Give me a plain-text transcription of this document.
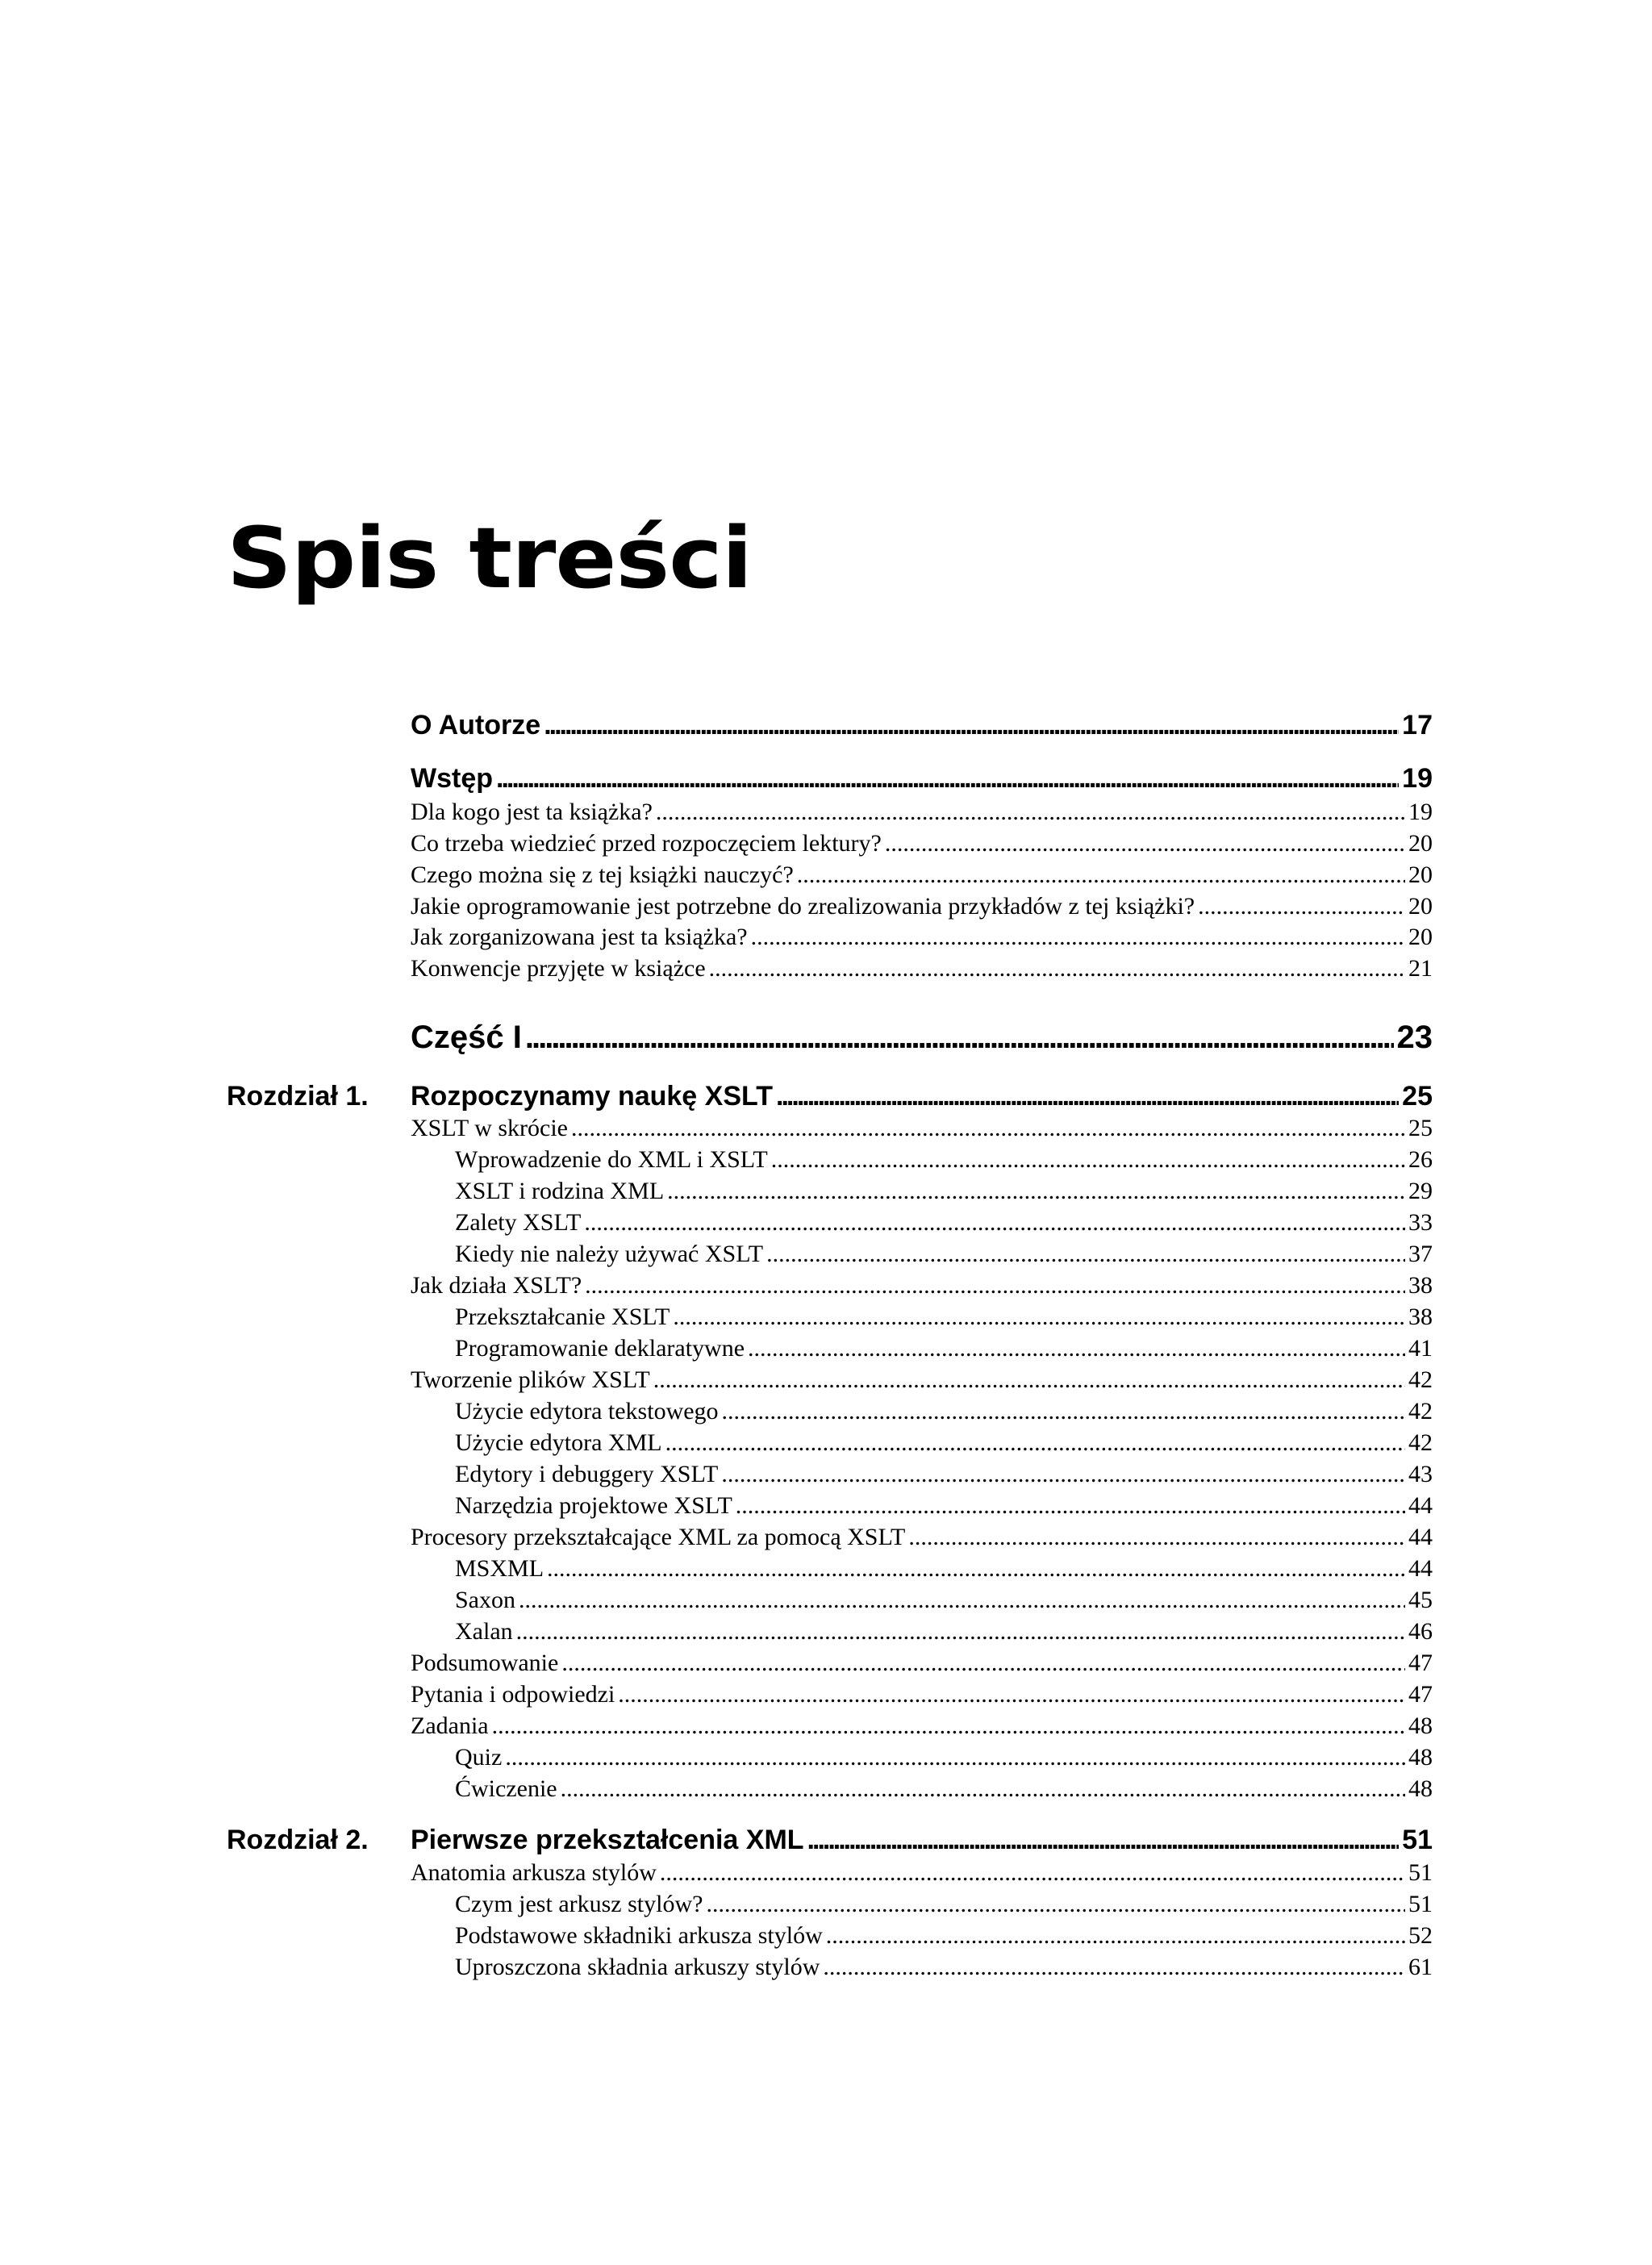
Spis treści
O Autorze .....	17
Wstęp .....	19
Dla kogo jest ta książka? .....	19
Co trzeba wiedzieć przed rozpoczęciem lektury? .....	20
Czego można się z tej książki nauczyć? .....	20
Jakie oprogramowanie jest potrzebne do zrealizowania przykładów z tej książki? .....	20
Jak zorganizowana jest ta książka? .....	20
Konwencje przyjęte w książce .....	21
Część I .....	23
Rozdział 1. Rozpoczynamy naukę XSLT .....	25
XSLT w skrócie .....	25
Wprowadzenie do XML i XSLT .....	26
XSLT i rodzina XML .....	29
Zalety XSLT .....	33
Kiedy nie należy używać XSLT .....	37
Jak działa XSLT? .....	38
Przekształcanie XSLT .....	38
Programowanie deklaratywne .....	41
Tworzenie plików XSLT .....	42
Użycie edytora tekstowego .....	42
Użycie edytora XML .....	42
Edytory i debuggery XSLT .....	43
Narzędzia projektowe XSLT .....	44
Procesory przekształcające XML za pomocą XSLT .....	44
MSXML .....	44
Saxon .....	45
Xalan .....	46
Podsumowanie .....	47
Pytania i odpowiedzi .....	47
Zadania .....	48
Quiz .....	48
Ćwiczenie .....	48
Rozdział 2. Pierwsze przekształcenia XML .....	51
Anatomia arkusza stylów .....	51
Czym jest arkusz stylów? .....	51
Podstawowe składniki arkusza stylów .....	52
Uproszczona składnia arkuszy stylów .....	61
